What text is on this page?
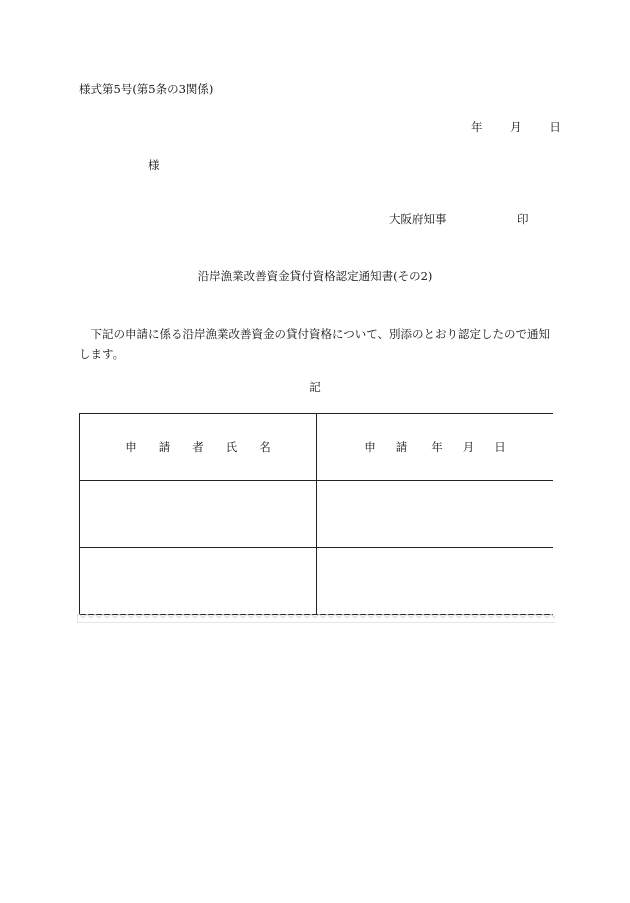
様式第5号(第5条の3関係)
年 月 日
様
大阪府知事	印
沿岸漁業改善資金貸付資格認定通知書(その2)
下記の申請に係る沿岸漁業改善資金の貸付資格について、別添のとおり認定したので通知します。
記
申請者氏名	申 請 年 月 日
